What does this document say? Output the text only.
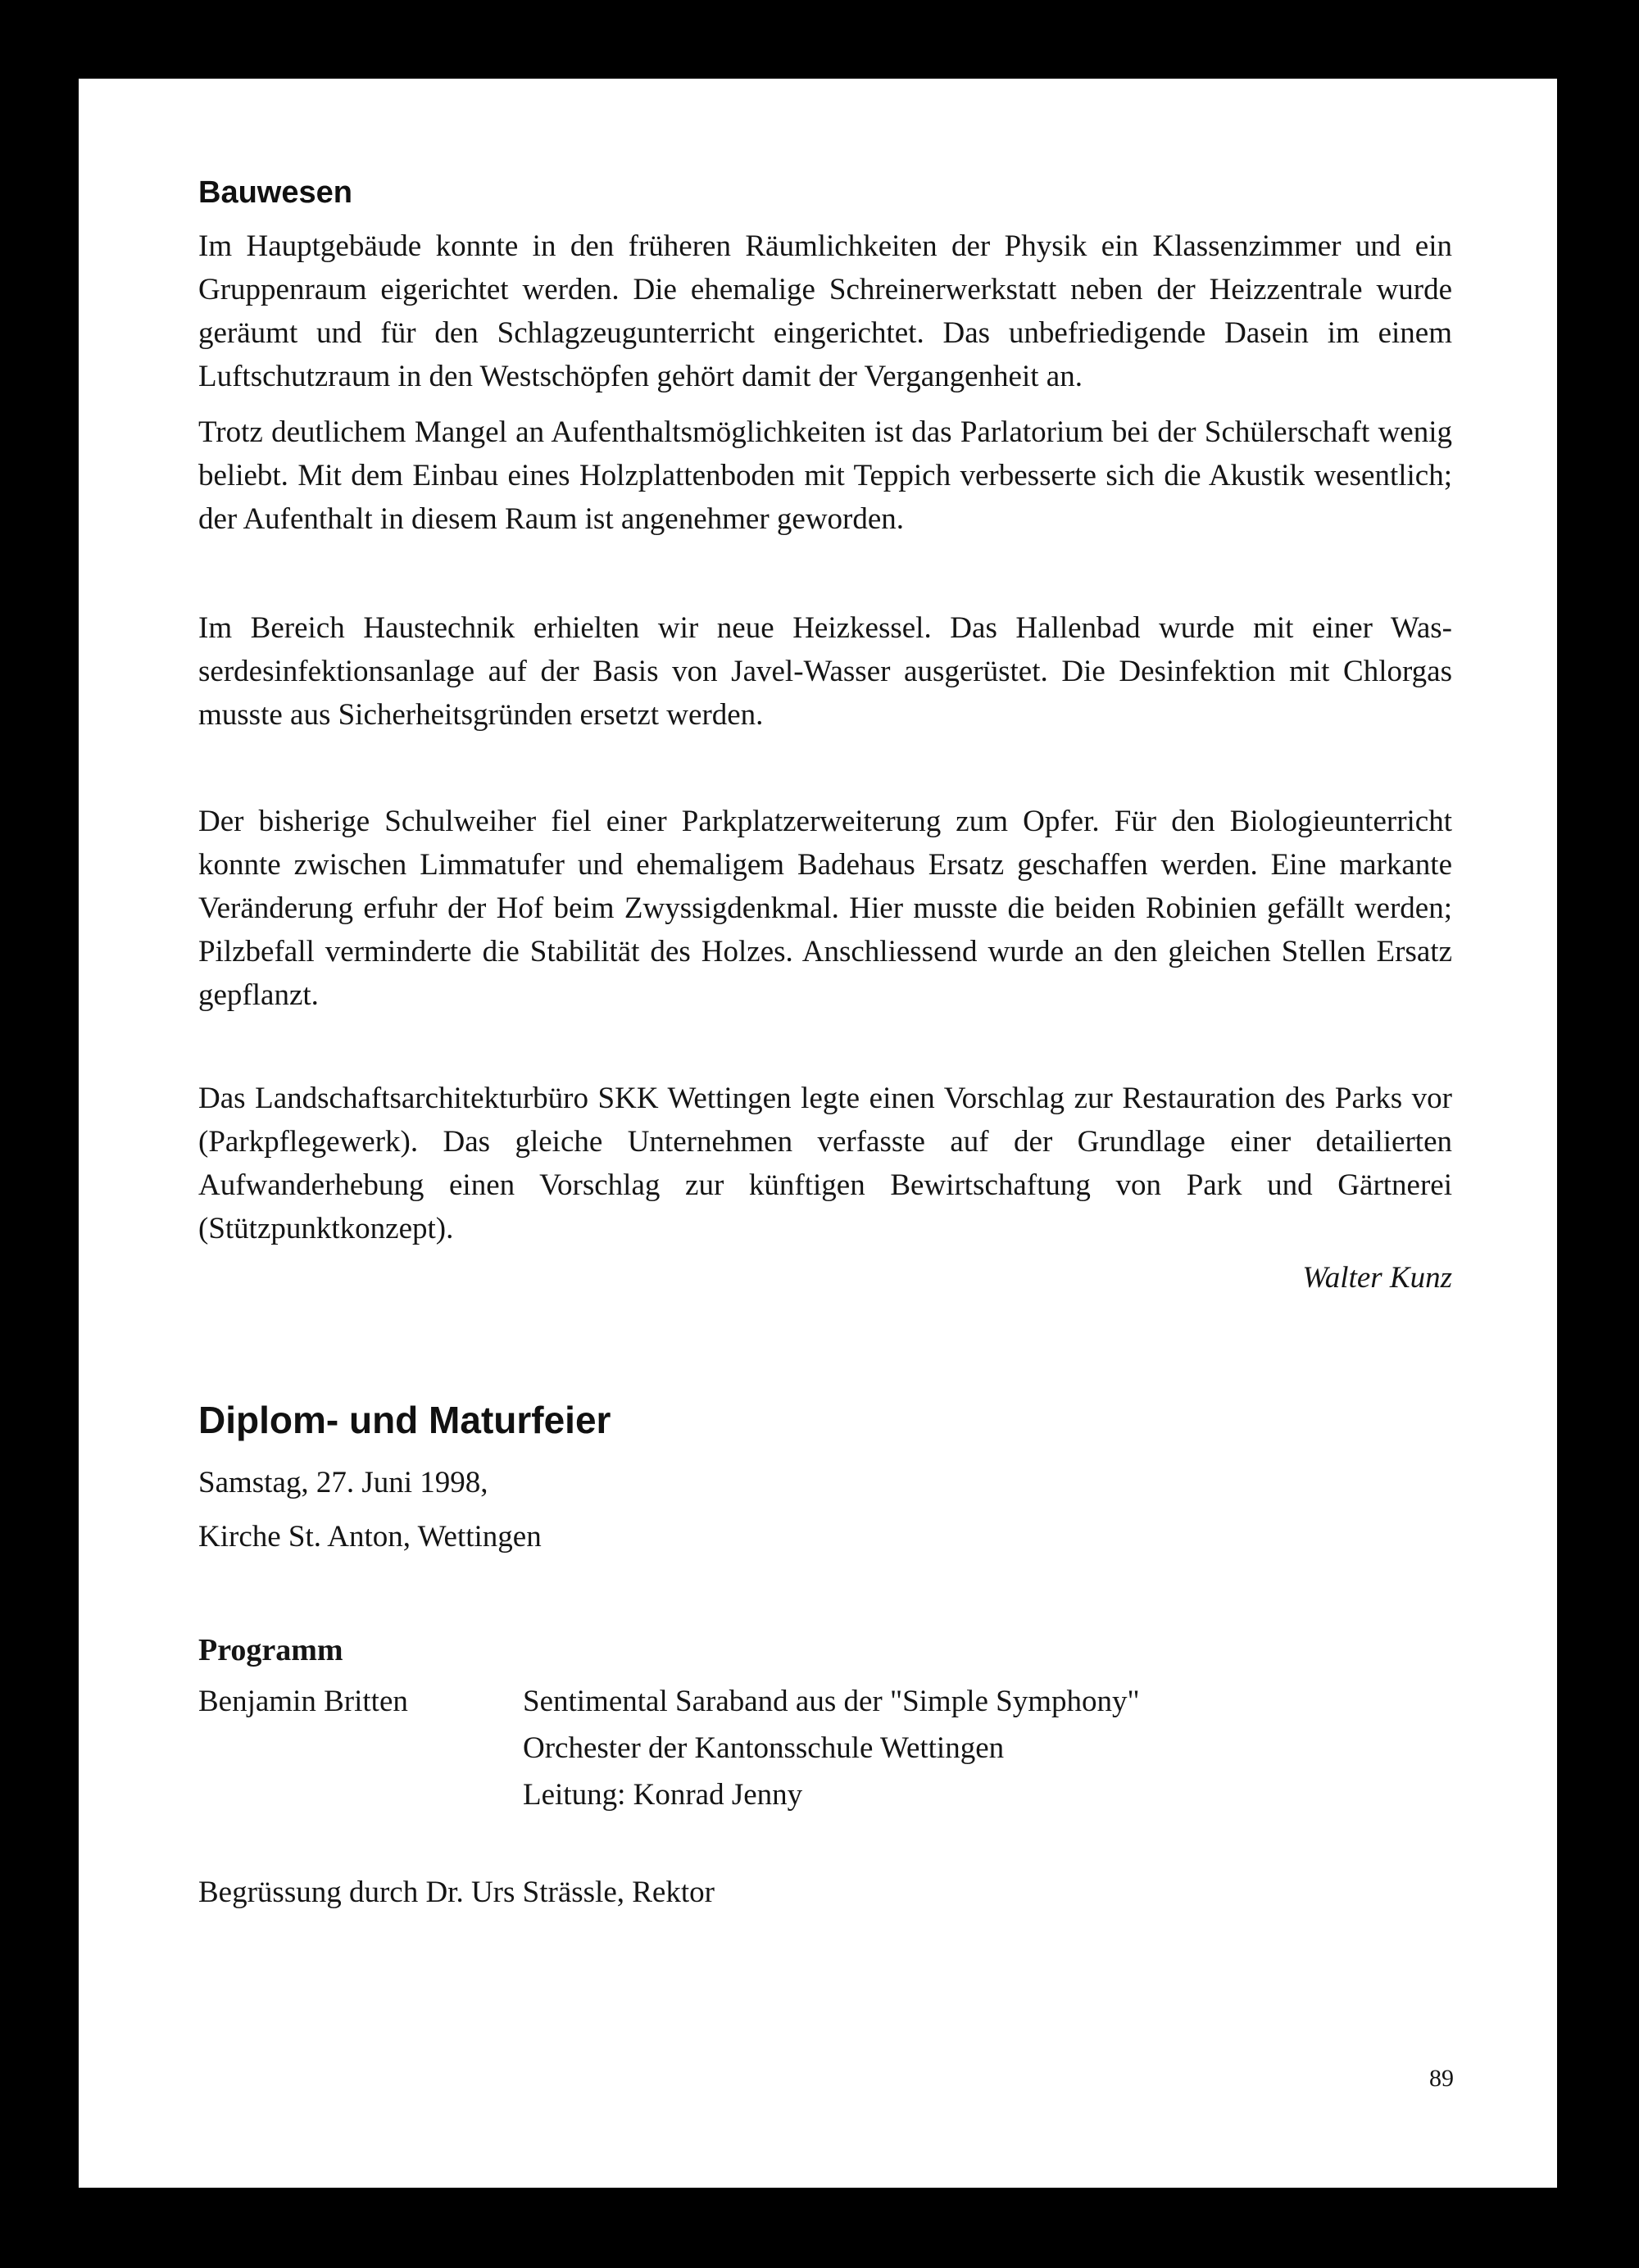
Bauwesen

Im Hauptgebäude konnte in den früheren Räumlichkeiten der Physik ein Klassenzimmer und ein Gruppenraum eigerichtet werden. Die ehemalige Schreinerwerkstatt neben der Heizzentrale wurde geräumt und für den Schlagzeugunterricht eingerichtet. Das unbefriedigende Dasein im einem Luftschutzraum in den Westschöpfen gehört damit der Vergangenheit an.

Trotz deutlichem Mangel an Aufenthaltsmöglichkeiten ist das Parlatorium bei der Schülerschaft wenig beliebt. Mit dem Einbau eines Holzplattenboden mit Teppich verbesserte sich die Akustik wesentlich; der Aufenthalt in diesem Raum ist angenehmer geworden.

Im Bereich Haustechnik erhielten wir neue Heizkessel. Das Hallenbad wurde mit einer Wasserdesinfektionsanlage auf der Basis von Javel-Wasser ausgerüstet. Die Desinfektion mit Chlorgas musste aus Sicherheitsgründen ersetzt werden.

Der bisherige Schulweiher fiel einer Parkplatzerweiterung zum Opfer. Für den Biologieunterricht konnte zwischen Limmatufer und ehemaligem Badehaus Ersatz geschaffen werden. Eine markante Veränderung erfuhr der Hof beim Zwyssigdenkmal. Hier musste die beiden Robinien gefällt werden; Pilzbefall verminderte die Stabilität des Holzes. Anschliessend wurde an den gleichen Stellen Ersatz gepflanzt.

Das Landschaftsarchitekturbüro SKK Wettingen legte einen Vorschlag zur Restauration des Parks vor (Parkpflegewerk). Das gleiche Unternehmen verfasste auf der Grundlage einer detailierten Aufwanderhebung einen Vorschlag zur künftigen Bewirtschaftung von Park und Gärtnerei (Stützpunktkonzept).

Walter Kunz

Diplom- und Maturfeier

Samstag, 27. Juni 1998,

Kirche St. Anton, Wettingen

Programm

Benjamin Britten	Sentimental Saraband aus der "Simple Symphony"
Orchester der Kantonsschule Wettingen
Leitung: Konrad Jenny

Begrüssung durch Dr. Urs Strässle, Rektor

89
